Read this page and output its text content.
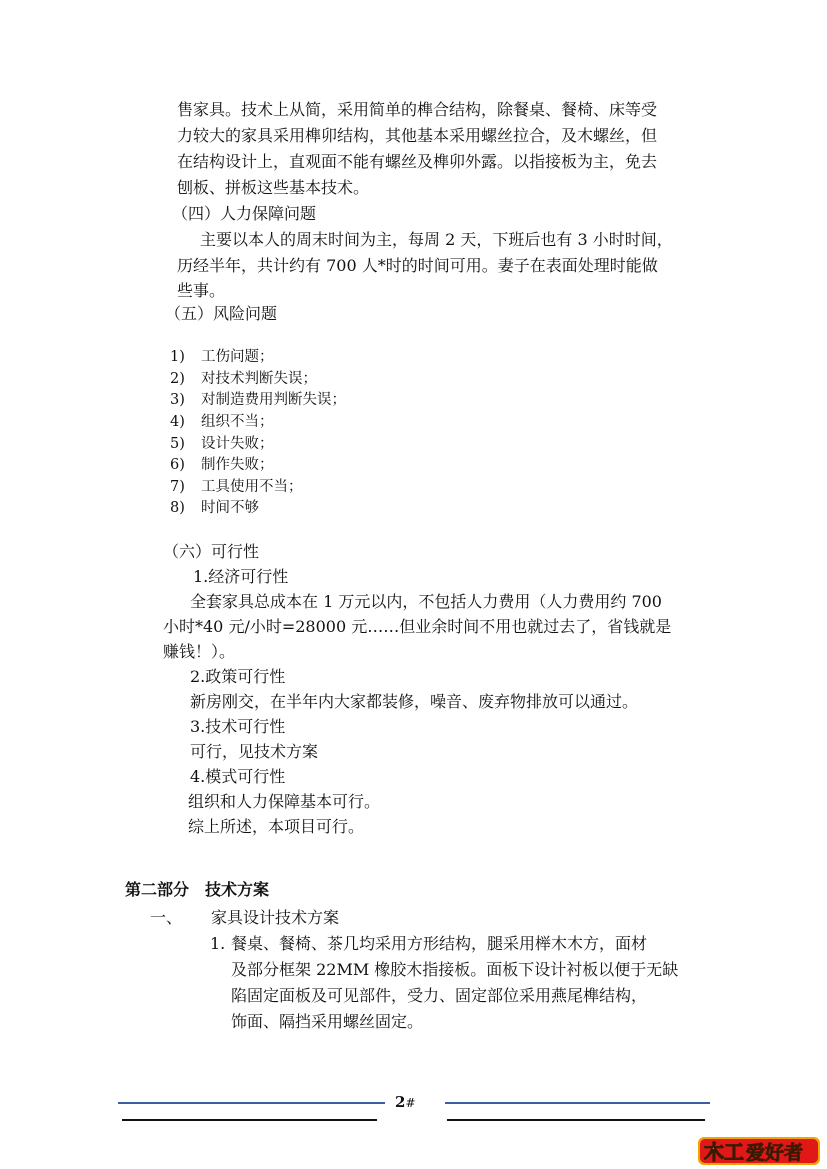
售家具。技术上从简，采用简单的榫合结构，除餐桌、餐椅、床等受
力较大的家具采用榫卯结构，其他基本采用螺丝拉合，及木螺丝，但
在结构设计上，直观面不能有螺丝及榫卯外露。以指接板为主，免去
刨板、拼板这些基本技术。
（四）人力保障问题
主要以本人的周末时间为主，每周 2 天，下班后也有 3 小时时间，
历经半年，共计约有 700 人*时的时间可用。妻子在表面处理时能做
些事。
（五）风险问题
1) 工伤问题；
2) 对技术判断失误；
3) 对制造费用判断失误；
4) 组织不当；
5) 设计失败；
6) 制作失败；
7) 工具使用不当；
8) 时间不够
（六）可行性
1.经济可行性
全套家具总成本在 1 万元以内，不包括人力费用（人力费用约 700
小时*40 元/小时=28000 元……但业余时间不用也就过去了，省钱就是
赚钱！）。
2.政策可行性
新房刚交，在半年内大家都装修，噪音、废弃物排放可以通过。
3.技术可行性
可行，见技术方案
4.模式可行性
组织和人力保障基本可行。
综上所述，本项目可行。
第二部分　技术方案
一、 家具设计技术方案
1. 餐桌、餐椅、茶几均采用方形结构，腿采用榉木木方，面材
及部分框架 22MM 橡胶木指接板。面板下设计衬板以便于无缺
陷固定面板及可见部件，受力、固定部位采用燕尾榫结构，
饰面、隔挡采用螺丝固定。
2#
木工 爱好者
